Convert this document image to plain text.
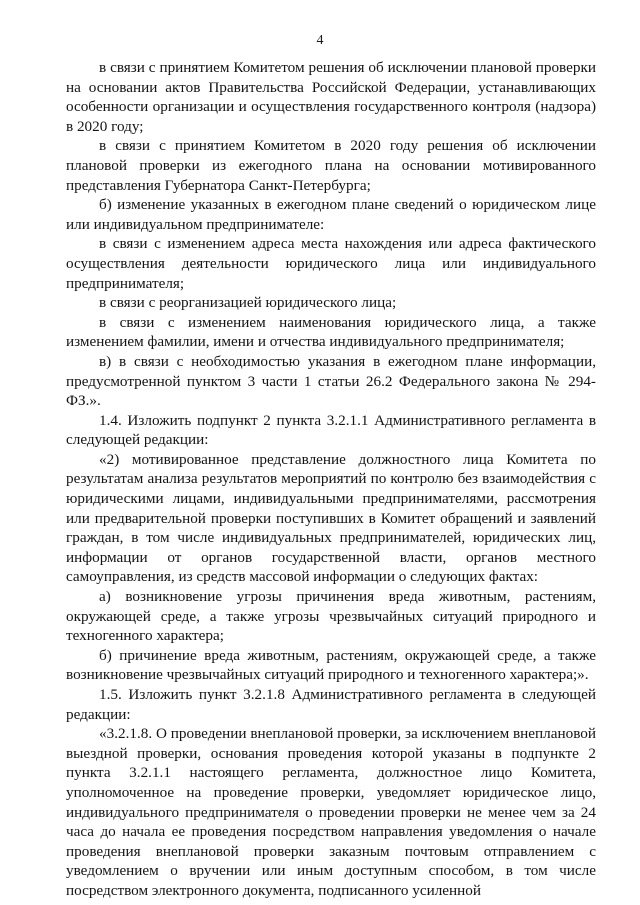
4

в связи с принятием Комитетом решения об исключении плановой проверки на основании актов Правительства Российской Федерации, устанавливающих особенности организации и осуществления государственного контроля (надзора) в 2020 году;

в связи с принятием Комитетом в 2020 году решения об исключении плановой проверки из ежегодного плана на основании мотивированного представления Губернатора Санкт-Петербурга;

б) изменение указанных в ежегодном плане сведений о юридическом лице или индивидуальном предпринимателе:

в связи с изменением адреса места нахождения или адреса фактического осуществления деятельности юридического лица или индивидуального предпринимателя;

в связи с реорганизацией юридического лица;

в связи с изменением наименования юридического лица, а также изменением фамилии, имени и отчества индивидуального предпринимателя;

в) в связи с необходимостью указания в ежегодном плане информации, предусмотренной пунктом 3 части 1 статьи 26.2 Федерального закона № 294-ФЗ.».

1.4. Изложить подпункт 2 пункта 3.2.1.1 Административного регламента в следующей редакции:

«2) мотивированное представление должностного лица Комитета по результатам анализа результатов мероприятий по контролю без взаимодействия с юридическими лицами, индивидуальными предпринимателями, рассмотрения или предварительной проверки поступивших в Комитет обращений и заявлений граждан, в том числе индивидуальных предпринимателей, юридических лиц, информации от органов государственной власти, органов местного самоуправления, из средств массовой информации о следующих фактах:

а) возникновение угрозы причинения вреда животным, растениям, окружающей среде, а также угрозы чрезвычайных ситуаций природного и техногенного характера;

б) причинение вреда животным, растениям, окружающей среде, а также возникновение чрезвычайных ситуаций природного и техногенного характера;».

1.5. Изложить пункт 3.2.1.8 Административного регламента в следующей редакции:

«3.2.1.8. О проведении внеплановой проверки, за исключением внеплановой выездной проверки, основания проведения которой указаны в подпункте 2 пункта 3.2.1.1 настоящего регламента, должностное лицо Комитета, уполномоченное на проведение проверки, уведомляет юридическое лицо, индивидуального предпринимателя о проведении проверки не менее чем за 24 часа до начала ее проведения посредством направления уведомления о начале проведения внеплановой проверки заказным почтовым отправлением с уведомлением о вручении или иным доступным способом, в том числе посредством электронного документа, подписанного усиленной
